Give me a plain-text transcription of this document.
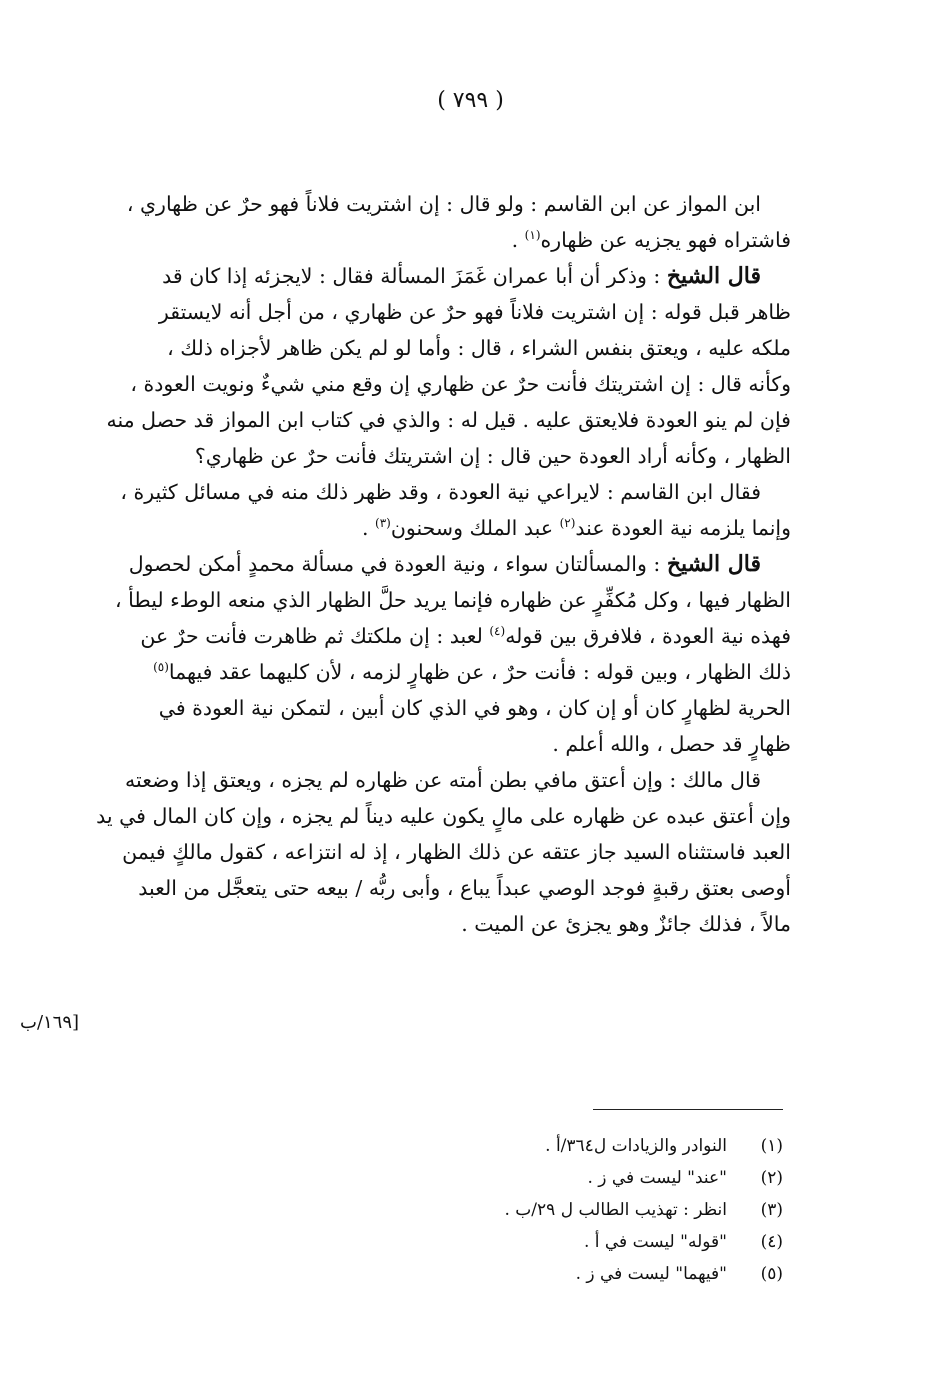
( ٧٩٩ )
ابن المواز عن ابن القاسم : ولو قال : إن اشتريت فلاناً فهو حرٌ عن ظهاري ،
فاشتراه فهو يجزيه عن ظهاره$^{(١)}$ .
قال الشيخ : وذكر أن أبا عمران غَمَزَ المسألة فقال : لايجزئه إذا كان قد
ظاهر قبل قوله : إن اشتريت فلاناً فهو حرٌ عن ظهاري ، من أجل أنه لايستقر
ملكه عليه ، ويعتق بنفس الشراء ، قال : وأما لو لم يكن ظاهر لأجزاه ذلك ،
وكأنه قال : إن اشتريتك فأنت حرٌ عن ظهاري إن وقع مني شيءٌ ونويت العودة ،
فإن لم ينو العودة فلايعتق عليه . قيل له : والذي في كتاب ابن المواز قد حصل منه
الظهار ، وكأنه أراد العودة حين قال : إن اشتريتك فأنت حرٌ عن ظهاري؟
فقال ابن القاسم : لايراعي نية العودة ، وقد ظهر ذلك منه في مسائل كثيرة ،
وإنما يلزمه نية العودة عند$^{(٢)}$ عبد الملك وسحنون$^{(٣)}$ .
قال الشيخ : والمسألتان سواء ، ونية العودة في مسألة محمدٍ أمكن لحصول
الظهار فيها ، وكل مُكفِّرٍ عن ظهاره فإنما يريد حلَّ الظهار الذي منعه الوطء ليطأ ،
فهذه نية العودة ، فلافرق بين قوله$^{(٤)}$ لعبد : إن ملكتك ثم ظاهرت فأنت حرٌ عن
ذلك الظهار ، وبين قوله : فأنت حرٌ ، عن ظهارٍ لزمه ، لأن كليهما عقد فيهما$^{(٥)}$
الحرية لظهارٍ كان أو إن كان ، وهو في الذي كان أبين ، لتمكن نية العودة في
ظهارٍ قد حصل ، والله أعلم .
قال مالك : وإن أعتق مافي بطن أمته عن ظهاره لم يجزه ، ويعتق إذا وضعته
وإن أعتق عبده عن ظهاره على مالٍ يكون عليه ديناً لم يجزه ، وإن كان المال في يد
العبد فاستثناه السيد جاز عتقه عن ذلك الظهار ، إذ له انتزاعه ، كقول مالكٍ فيمن
أوصى بعتق رقبةٍ فوجد الوصي عبداً يباع ، وأبى ربُّه / بيعه حتى يتعجَّل من العبد
مالاً ، فذلك جائزٌ وهو يجزئ عن الميت .
[١٦٩/ب
(١)
النوادر والزيادات ل٣٦٤/أ .
(٢)
"عند" ليست في ز .
(٣)
انظر : تهذيب الطالب ل ٢٩/ب .
(٤)
"قوله" ليست في أ .
(٥)
"فيهما" ليست في ز .
